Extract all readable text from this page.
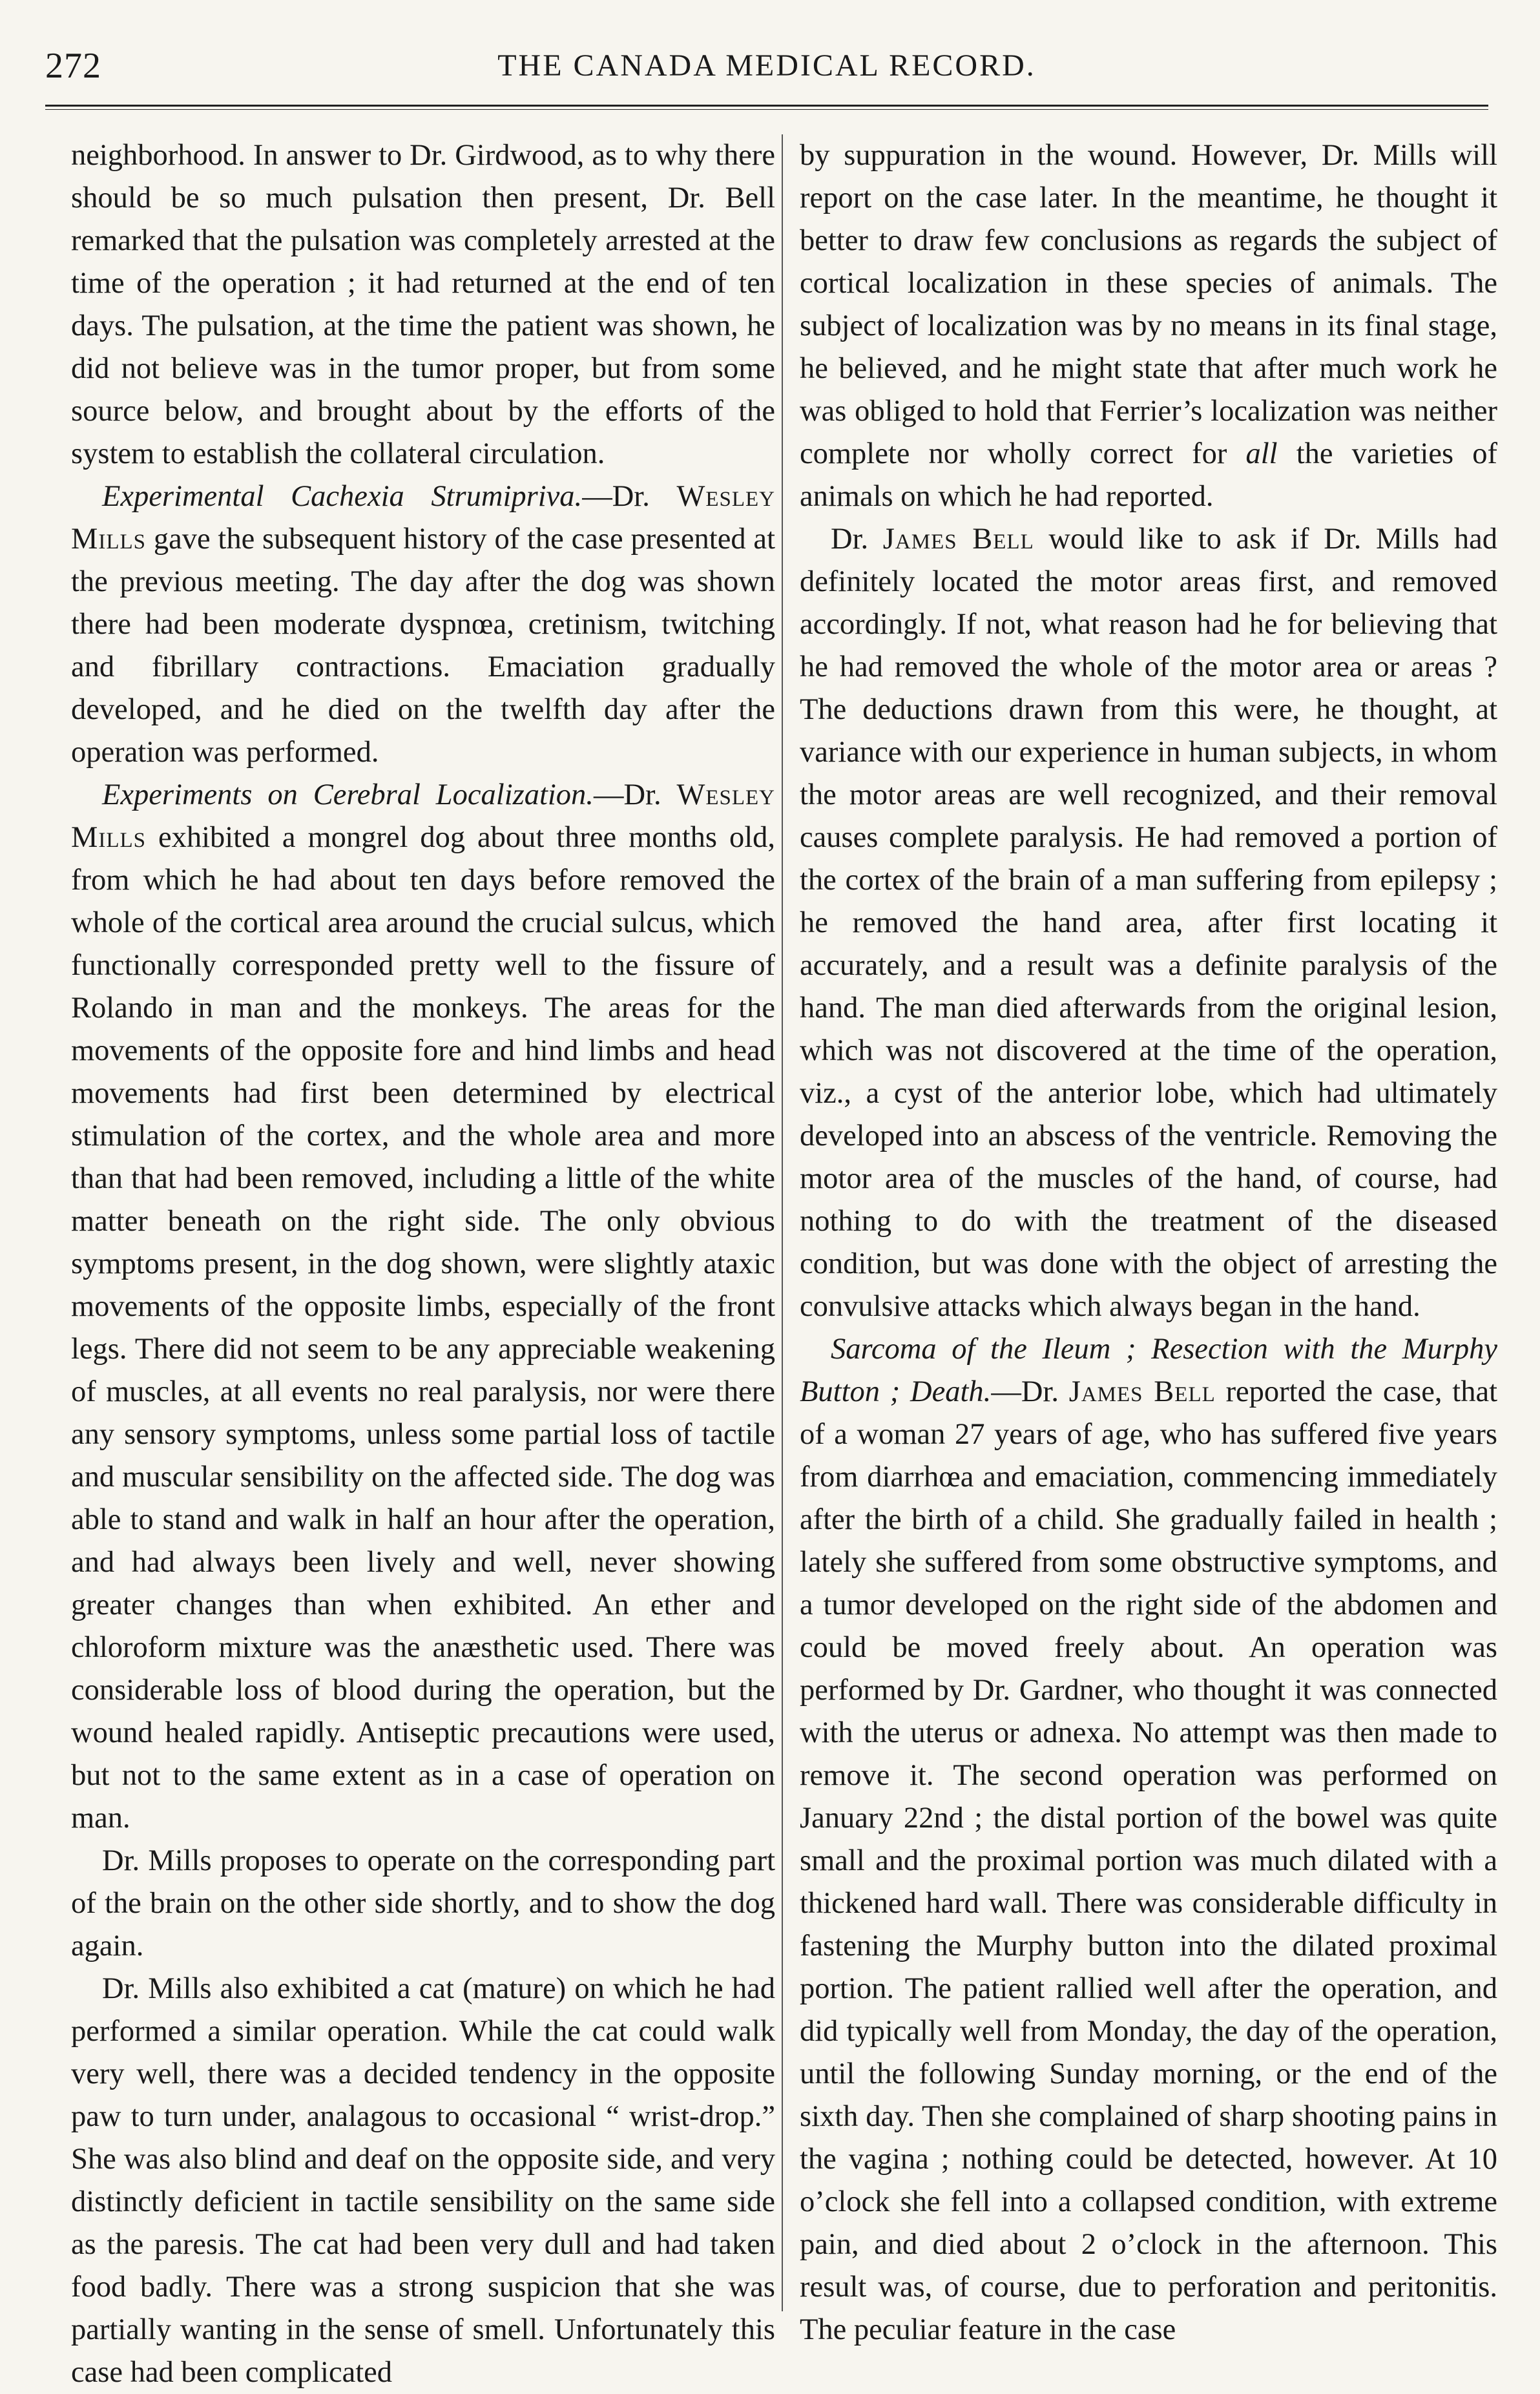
272	THE CANADA MEDICAL RECORD.

neighborhood. In answer to Dr. Girdwood, as to why there should be so much pulsation then present, Dr. Bell remarked that the pulsation was completely arrested at the time of the operation ; it had returned at the end of ten days. The pulsation, at the time the patient was shown, he did not believe was in the tumor proper, but from some source below, and brought about by the efforts of the system to establish the collateral circulation.

Experimental Cachexia Strumipriva.—Dr. Wesley Mills gave the subsequent history of the case presented at the previous meeting. The day after the dog was shown there had been moderate dyspnœa, cretinism, twitching and fibrillary contractions. Emaciation gradually developed, and he died on the twelfth day after the operation was performed.

Experiments on Cerebral Localization.—Dr. Wesley Mills exhibited a mongrel dog about three months old, from which he had about ten days before removed the whole of the cortical area around the crucial sulcus, which functionally corresponded pretty well to the fissure of Rolando in man and the monkeys. The areas for the movements of the opposite fore and hind limbs and head movements had first been determined by electrical stimulation of the cortex, and the whole area and more than that had been removed, including a little of the white matter beneath on the right side. The only obvious symptoms present, in the dog shown, were slightly ataxic movements of the opposite limbs, especially of the front legs. There did not seem to be any appreciable weakening of muscles, at all events no real paralysis, nor were there any sensory symptoms, unless some partial loss of tactile and muscular sensibility on the affected side. The dog was able to stand and walk in half an hour after the operation, and had always been lively and well, never showing greater changes than when exhibited. An ether and chloroform mixture was the anæsthetic used. There was considerable loss of blood during the operation, but the wound healed rapidly. Antiseptic precautions were used, but not to the same extent as in a case of operation on man.

Dr. Mills proposes to operate on the corresponding part of the brain on the other side shortly, and to show the dog again.

Dr. Mills also exhibited a cat (mature) on which he had performed a similar operation. While the cat could walk very well, there was a decided tendency in the opposite paw to turn under, analagous to occasional “ wrist-drop.” She was also blind and deaf on the opposite side, and very distinctly deficient in tactile sensibility on the same side as the paresis. The cat had been very dull and had taken food badly. There was a strong suspicion that she was partially wanting in the sense of smell. Unfortunately this case had been complicated

by suppuration in the wound. However, Dr. Mills will report on the case later. In the meantime, he thought it better to draw few conclusions as regards the subject of cortical localization in these species of animals. The subject of localization was by no means in its final stage, he believed, and he might state that after much work he was obliged to hold that Ferrier’s localization was neither complete nor wholly correct for all the varieties of animals on which he had reported.

Dr. James Bell would like to ask if Dr. Mills had definitely located the motor areas first, and removed accordingly. If not, what reason had he for believing that he had removed the whole of the motor area or areas ? The deductions drawn from this were, he thought, at variance with our experience in human subjects, in whom the motor areas are well recognized, and their removal causes complete paralysis. He had removed a portion of the cortex of the brain of a man suffering from epilepsy ; he removed the hand area, after first locating it accurately, and a result was a definite paralysis of the hand. The man died afterwards from the original lesion, which was not discovered at the time of the operation, viz., a cyst of the anterior lobe, which had ultimately developed into an abscess of the ventricle. Removing the motor area of the muscles of the hand, of course, had nothing to do with the treatment of the diseased condition, but was done with the object of arresting the convulsive attacks which always began in the hand.

Sarcoma of the Ileum ; Resection with the Murphy Button ; Death.—Dr. James Bell reported the case, that of a woman 27 years of age, who has suffered five years from diarrhœa and emaciation, commencing immediately after the birth of a child. She gradually failed in health ; lately she suffered from some obstructive symptoms, and a tumor developed on the right side of the abdomen and could be moved freely about. An operation was performed by Dr. Gardner, who thought it was connected with the uterus or adnexa. No attempt was then made to remove it. The second operation was performed on January 22nd ; the distal portion of the bowel was quite small and the proximal portion was much dilated with a thickened hard wall. There was considerable difficulty in fastening the Murphy button into the dilated proximal portion. The patient rallied well after the operation, and did typically well from Monday, the day of the operation, until the following Sunday morning, or the end of the sixth day. Then she complained of sharp shooting pains in the vagina ; nothing could be detected, however. At 10 o’clock she fell into a collapsed condition, with extreme pain, and died about 2 o’clock in the afternoon. This result was, of course, due to perforation and peritonitis. The peculiar feature in the case
